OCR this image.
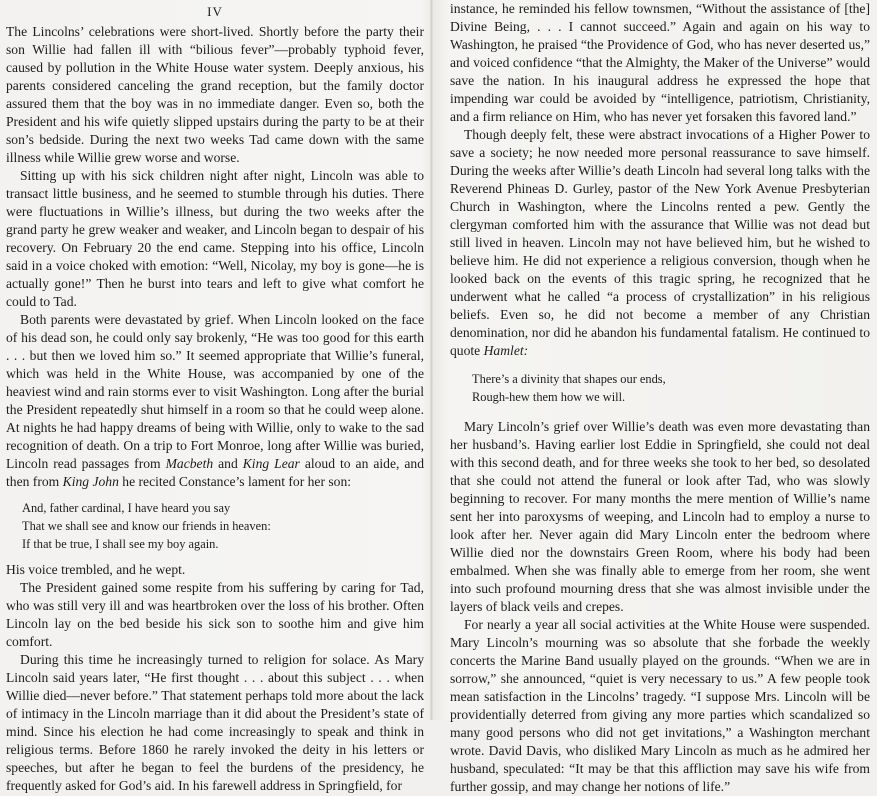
IV

The Lincolns’ celebrations were short-lived. Shortly before the party their son Willie had fallen ill with “bilious fever”—probably typhoid fever, caused by pollution in the White House water system. Deeply anxious, his parents considered canceling the grand reception, but the family doctor assured them that the boy was in no immediate danger. Even so, both the President and his wife quietly slipped upstairs during the party to be at their son’s bedside. During the next two weeks Tad came down with the same illness while Willie grew worse and worse.

Sitting up with his sick children night after night, Lincoln was able to transact little business, and he seemed to stumble through his duties. There were fluctuations in Willie’s illness, but during the two weeks after the grand party he grew weaker and weaker, and Lincoln began to despair of his recovery. On February 20 the end came. Stepping into his office, Lincoln said in a voice choked with emotion: “Well, Nicolay, my boy is gone—he is actually gone!” Then he burst into tears and left to give what comfort he could to Tad.

Both parents were devastated by grief. When Lincoln looked on the face of his dead son, he could only say brokenly, “He was too good for this earth . . . but then we loved him so.” It seemed appropriate that Willie’s funeral, which was held in the White House, was accompanied by one of the heaviest wind and rain storms ever to visit Washington. Long after the burial the President repeatedly shut himself in a room so that he could weep alone. At nights he had happy dreams of being with Willie, only to wake to the sad recognition of death. On a trip to Fort Monroe, long after Willie was buried, Lincoln read passages from Macbeth and King Lear aloud to an aide, and then from King John he recited Constance’s lament for her son:

And, father cardinal, I have heard you say
That we shall see and know our friends in heaven:
If that be true, I shall see my boy again.

His voice trembled, and he wept.

The President gained some respite from his suffering by caring for Tad, who was still very ill and was heartbroken over the loss of his brother. Often Lincoln lay on the bed beside his sick son to soothe him and give him comfort.

During this time he increasingly turned to religion for solace. As Mary Lincoln said years later, “He first thought . . . about this subject . . . when Willie died—never before.” That statement perhaps told more about the lack of intimacy in the Lincoln marriage than it did about the President’s state of mind. Since his election he had come increasingly to speak and think in religious terms. Before 1860 he rarely invoked the deity in his letters or speeches, but after he began to feel the burdens of the presidency, he frequently asked for God’s aid. In his farewell address in Springfield, for

instance, he reminded his fellow townsmen, “Without the assistance of [the] Divine Being, . . . I cannot succeed.” Again and again on his way to Washington, he praised “the Providence of God, who has never deserted us,” and voiced confidence “that the Almighty, the Maker of the Universe” would save the nation. In his inaugural address he expressed the hope that impending war could be avoided by “intelligence, patriotism, Christianity, and a firm reliance on Him, who has never yet forsaken this favored land.”

Though deeply felt, these were abstract invocations of a Higher Power to save a society; he now needed more personal reassurance to save himself. During the weeks after Willie’s death Lincoln had several long talks with the Reverend Phineas D. Gurley, pastor of the New York Avenue Presbyterian Church in Washington, where the Lincolns rented a pew. Gently the clergyman comforted him with the assurance that Willie was not dead but still lived in heaven. Lincoln may not have believed him, but he wished to believe him. He did not experience a religious conversion, though when he looked back on the events of this tragic spring, he recognized that he underwent what he called “a process of crystallization” in his religious beliefs. Even so, he did not become a member of any Christian denomination, nor did he abandon his fundamental fatalism. He continued to quote Hamlet:

There’s a divinity that shapes our ends,
Rough-hew them how we will.

Mary Lincoln’s grief over Willie’s death was even more devastating than her husband’s. Having earlier lost Eddie in Springfield, she could not deal with this second death, and for three weeks she took to her bed, so desolated that she could not attend the funeral or look after Tad, who was slowly beginning to recover. For many months the mere mention of Willie’s name sent her into paroxysms of weeping, and Lincoln had to employ a nurse to look after her. Never again did Mary Lincoln enter the bedroom where Willie died nor the downstairs Green Room, where his body had been embalmed. When she was finally able to emerge from her room, she went into such profound mourning dress that she was almost invisible under the layers of black veils and crepes.

For nearly a year all social activities at the White House were suspended. Mary Lincoln’s mourning was so absolute that she forbade the weekly concerts the Marine Band usually played on the grounds. “When we are in sorrow,” she announced, “quiet is very necessary to us.” A few people took mean satisfaction in the Lincolns’ tragedy. “I suppose Mrs. Lincoln will be providentially deterred from giving any more parties which scandalized so many good persons who did not get invitations,” a Washington merchant wrote. David Davis, who disliked Mary Lincoln as much as he admired her husband, speculated: “It may be that this affliction may save his wife from further gossip, and may change her notions of life.”
